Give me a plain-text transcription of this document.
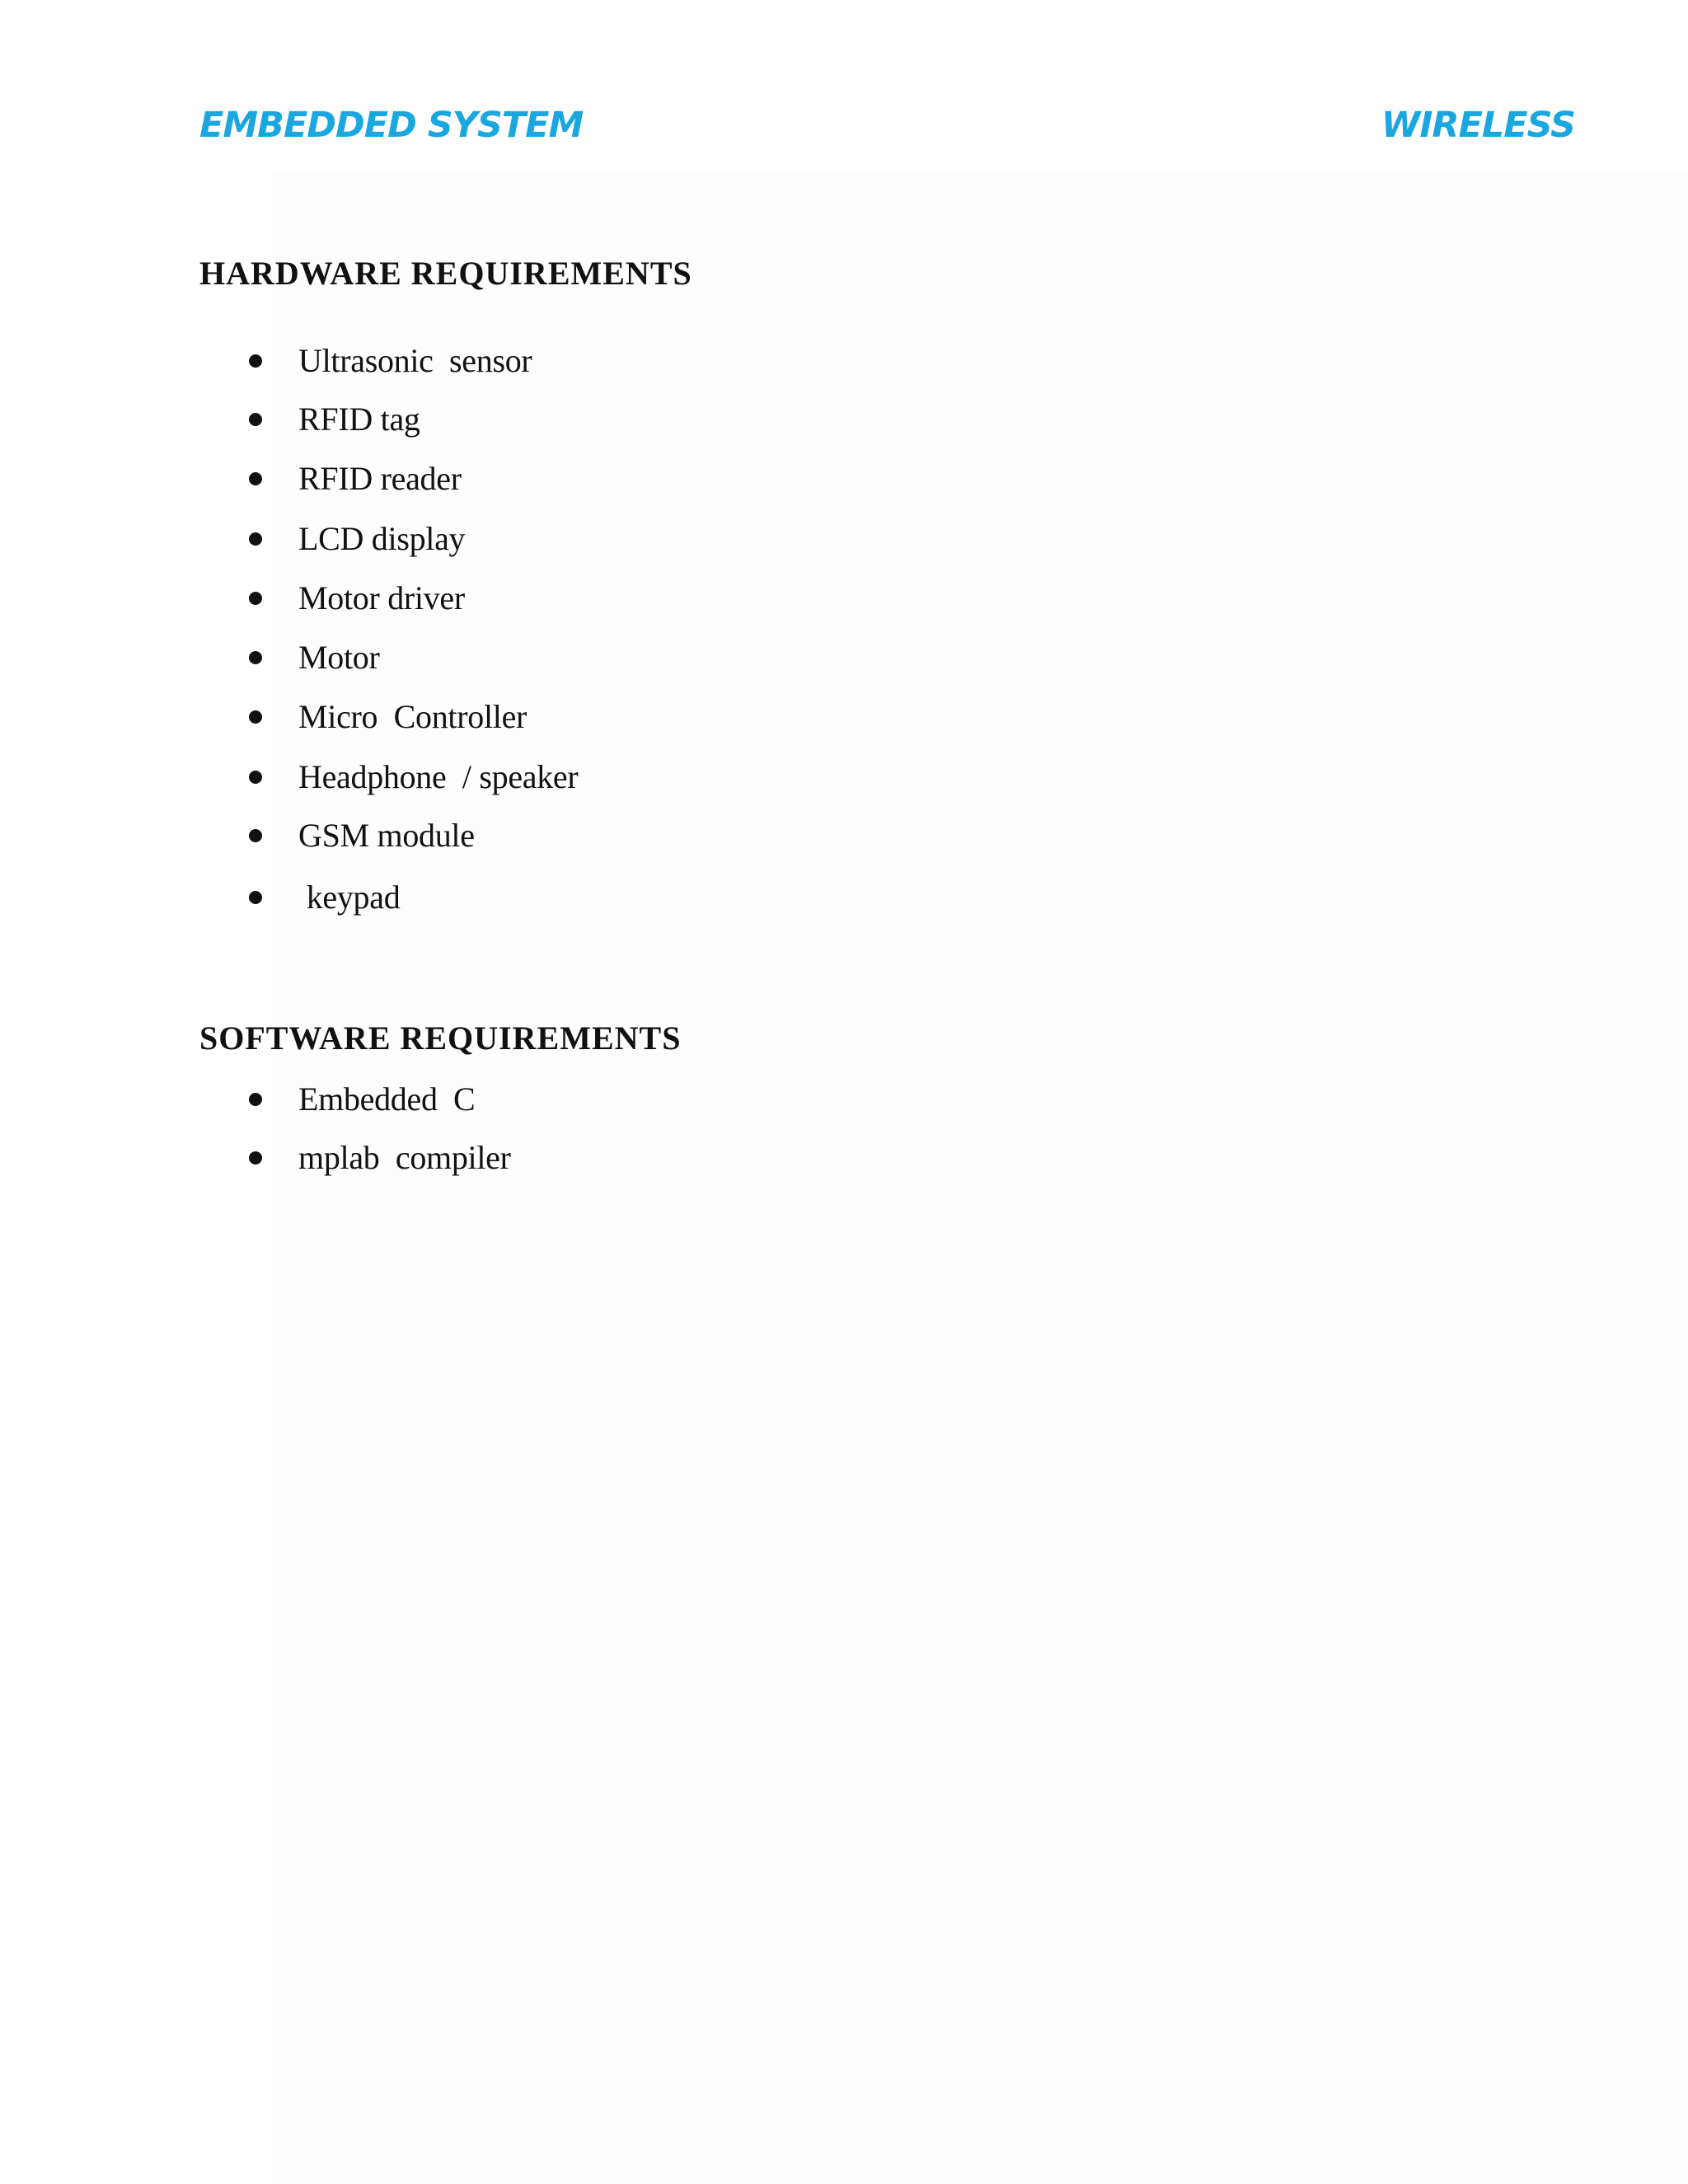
EMBEDDED SYSTEM	WIRELESS
HARDWARE REQUIREMENTS
Ultrasonic  sensor
RFID tag
RFID reader
LCD display
Motor driver
Motor
Micro  Controller
Headphone  / speaker
GSM module
keypad
SOFTWARE REQUIREMENTS
Embedded  C
mplab  compiler
